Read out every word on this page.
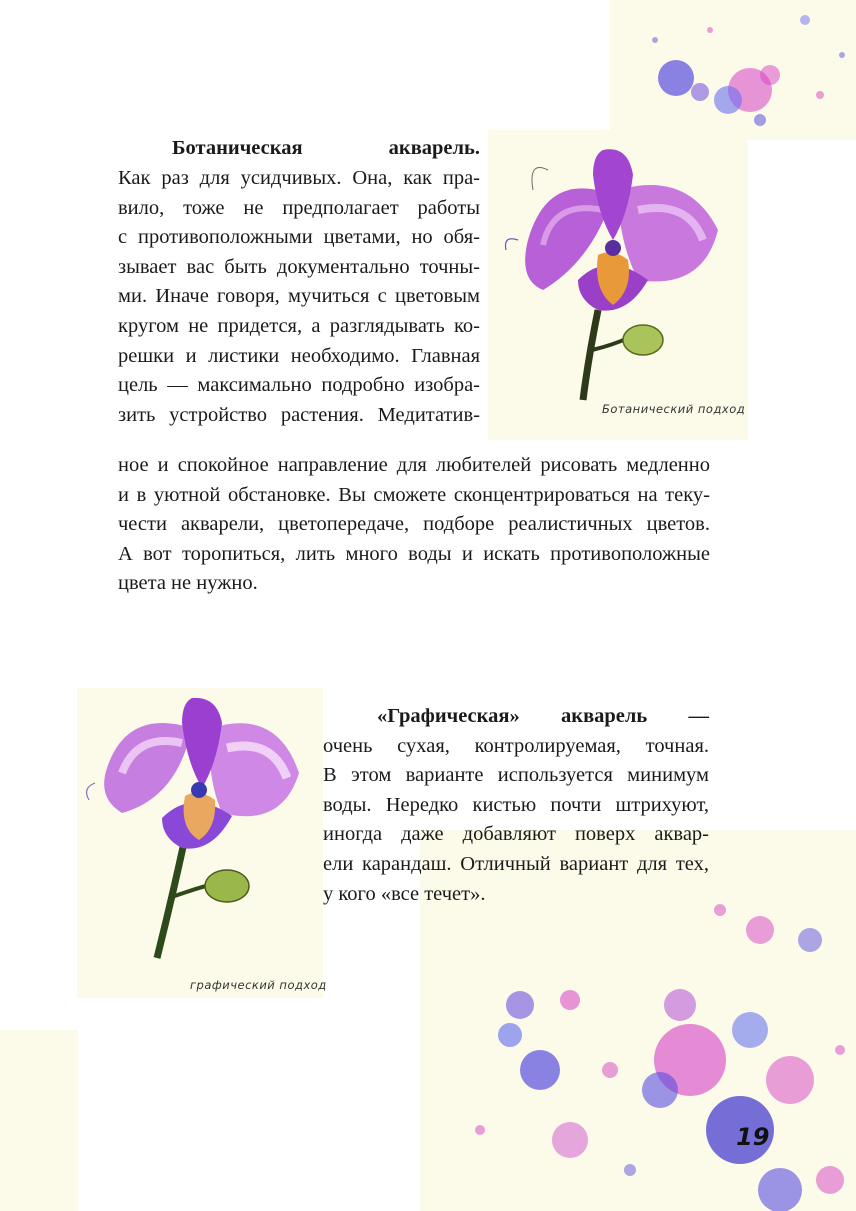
Ботаническая акварель.
Как раз для усидчивых. Она, как пра-
вило, тоже не предполагает работы
с противоположными цветами, но обя-
зывает вас быть документально точны-
ми. Иначе говоря, мучиться с цветовым
кругом не придется, а разглядывать ко-
решки и листики необходимо. Главная
цель — максимально подробно изобра-
зить устройство растения. Медитатив-
ное и спокойное направление для любителей рисовать медленно
и в уютной обстановке. Вы сможете сконцентрироваться на теку-
чести акварели, цветопередаче, подборе реалистичных цветов.
А вот торопиться, лить много воды и искать противоположные
цвета не нужно.
Ботанический подход
графический подход
«Графическая» акварель —
очень сухая, контролируемая, точная.
В этом варианте используется минимум
воды. Нередко кистью почти штрихуют,
иногда даже добавляют поверх аквар-
ели карандаш. Отличный вариант для тех,
у кого «все течет».
19
